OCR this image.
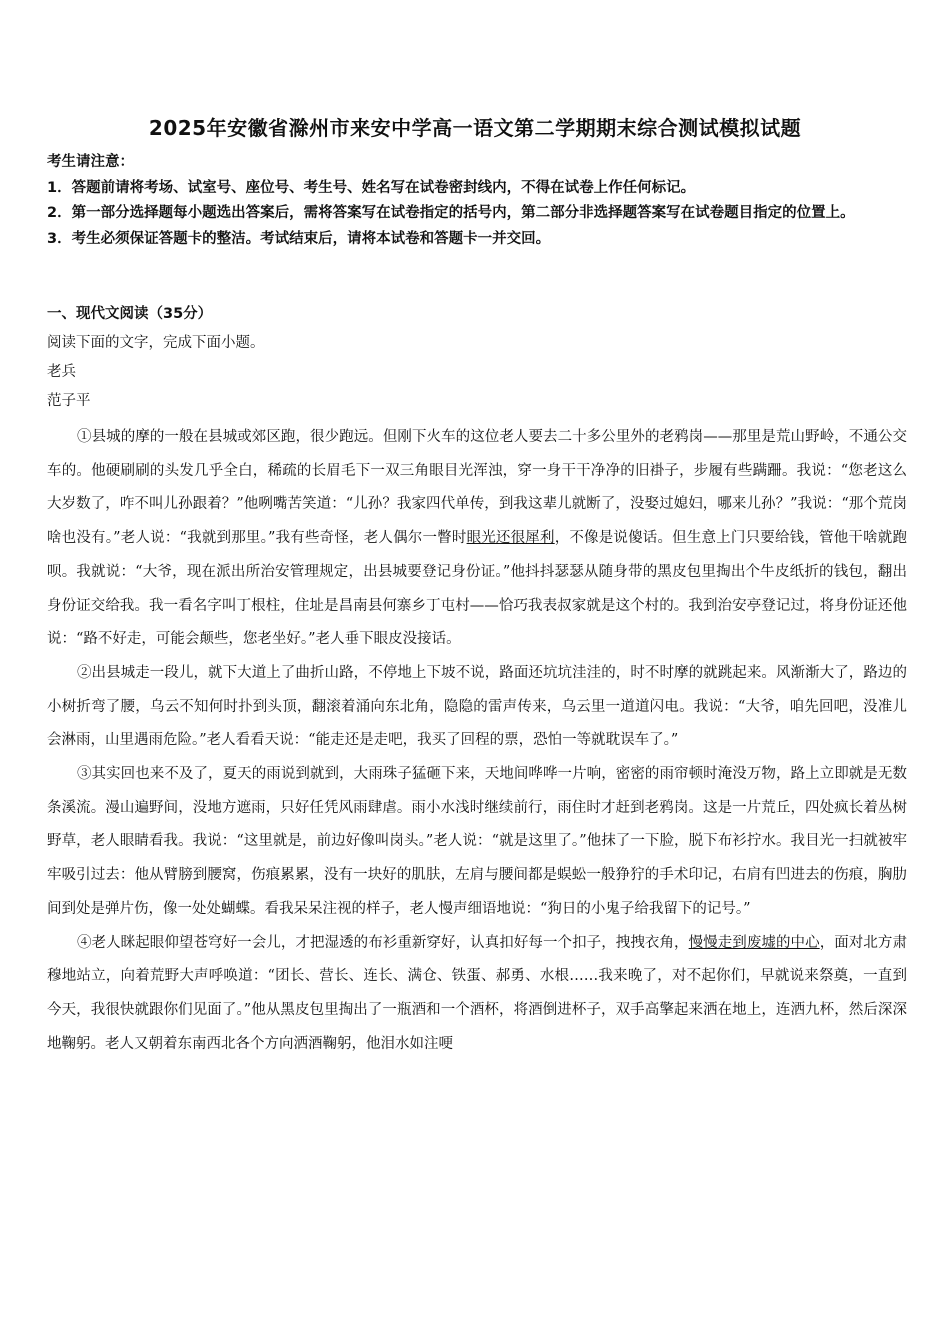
2025年安徽省滁州市来安中学高一语文第二学期期末综合测试模拟试题
考生请注意：
1．答题前请将考场、试室号、座位号、考生号、姓名写在试卷密封线内，不得在试卷上作任何标记。
2．第一部分选择题每小题选出答案后，需将答案写在试卷指定的括号内，第二部分非选择题答案写在试卷题目指定的位置上。
3．考生必须保证答题卡的整洁。考试结束后，请将本试卷和答题卡一并交回。
一、现代文阅读（35分）
阅读下面的文字，完成下面小题。
老兵
范子平

①县城的摩的一般在县城或郊区跑，很少跑远。但刚下火车的这位老人要去二十多公里外的老鸦岗——那里是荒山野岭，不通公交车的。他硬刷刷的头发几乎全白，稀疏的长眉毛下一双三角眼目光浑浊，穿一身干干净净的旧褂子，步履有些蹒跚。我说：“您老这么大岁数了，咋不叫儿孙跟着？”他咧嘴苦笑道：“儿孙？我家四代单传，到我这辈儿就断了，没娶过媳妇，哪来儿孙？”我说：“那个荒岗啥也没有。”老人说：“我就到那里。”我有些奇怪，老人偶尔一瞥时眼光还很犀利，不像是说傻话。但生意上门只要给钱，管他干啥就跑呗。我就说：“大爷，现在派出所治安管理规定，出县城要登记身份证。”他抖抖瑟瑟从随身带的黑皮包里掏出个牛皮纸折的钱包，翻出身份证交给我。我一看名字叫丁根柱，住址是昌南县何寨乡丁屯村——恰巧我表叔家就是这个村的。我到治安亭登记过，将身份证还他说：“路不好走，可能会颠些，您老坐好。”老人垂下眼皮没接话。

②出县城走一段儿，就下大道上了曲折山路，不停地上下坡不说，路面还坑坑洼洼的，时不时摩的就跳起来。风渐渐大了，路边的小树折弯了腰，乌云不知何时扑到头顶，翻滚着涌向东北角，隐隐的雷声传来，乌云里一道道闪电。我说：“大爷，咱先回吧，没准儿会淋雨，山里遇雨危险。”老人看看天说：“能走还是走吧，我买了回程的票，恐怕一等就耽误车了。”

③其实回也来不及了，夏天的雨说到就到，大雨珠子猛砸下来，天地间哗哗一片响，密密的雨帘顿时淹没万物，路上立即就是无数条溪流。漫山遍野间，没地方遮雨，只好任凭风雨肆虐。雨小水浅时继续前行，雨住时才赶到老鸦岗。这是一片荒丘，四处疯长着丛树野草，老人眼睛看我。我说：“这里就是，前边好像叫岗头。”老人说：“就是这里了。”他抹了一下脸，脱下布衫拧水。我目光一扫就被牢牢吸引过去：他从臂膀到腰窝，伤痕累累，没有一块好的肌肤，左肩与腰间都是蜈蚣一般狰狞的手术印记，右肩有凹进去的伤痕，胸肋间到处是弹片伤，像一处处蝴蝶。看我呆呆注视的样子，老人慢声细语地说：“狗日的小鬼子给我留下的记号。”

④老人眯起眼仰望苍穹好一会儿，才把湿透的布衫重新穿好，认真扣好每一个扣子，拽拽衣角，慢慢走到废墟的中心，面对北方肃穆地站立，向着荒野大声呼唤道：“团长、营长、连长、满仓、铁蛋、郝勇、水根……我来晚了，对不起你们，早就说来祭奠，一直到今天，我很快就跟你们见面了。”他从黑皮包里掏出了一瓶酒和一个酒杯，将酒倒进杯子，双手高擎起来洒在地上，连洒九杯，然后深深地鞠躬。老人又朝着东南西北各个方向洒酒鞠躬，他泪水如注哽
